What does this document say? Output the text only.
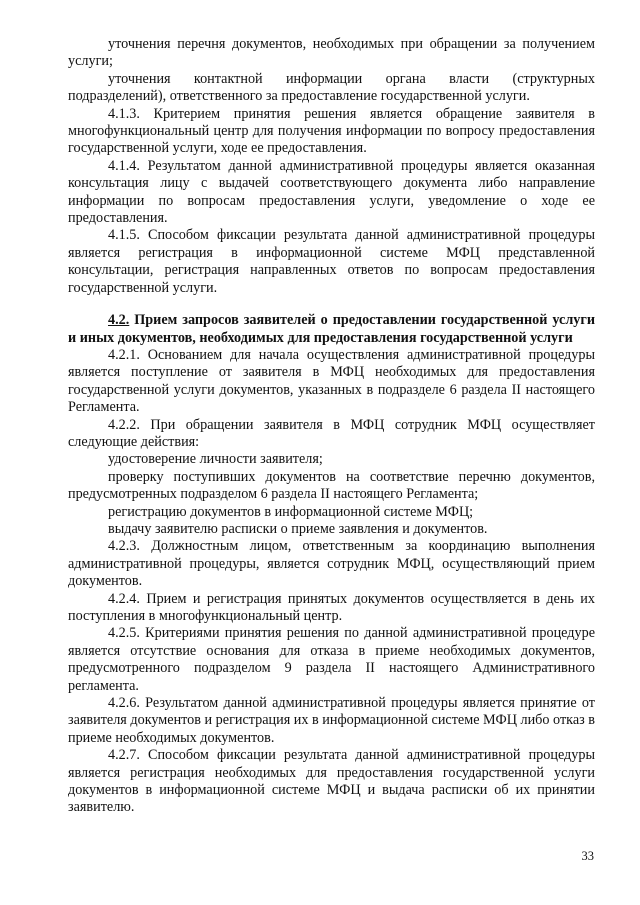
уточнения перечня документов, необходимых при обращении за получением услуги;

уточнения контактной информации органа власти (структурных подразделений), ответственного за предоставление государственной услуги.

4.1.3. Критерием принятия решения является обращение заявителя в многофункциональный центр для получения информации по вопросу предоставления государственной услуги, ходе ее предоставления.

4.1.4. Результатом данной административной процедуры является оказанная консультация лицу с выдачей соответствующего документа либо направление информации по вопросам предоставления услуги, уведомление о ходе ее предоставления.

4.1.5. Способом фиксации результата данной административной процедуры является регистрация в информационной системе МФЦ представленной консультации, регистрация направленных ответов по вопросам предоставления государственной услуги.

4.2. Прием запросов заявителей о предоставлении государственной услуги и иных документов, необходимых для предоставления государственной услуги

4.2.1. Основанием для начала осуществления административной процедуры является поступление от заявителя в МФЦ необходимых для предоставления государственной услуги документов, указанных в подразделе 6 раздела II настоящего Регламента.

4.2.2. При обращении заявителя в МФЦ сотрудник МФЦ осуществляет следующие действия:

удостоверение личности заявителя;

проверку поступивших документов на соответствие перечню документов, предусмотренных подразделом 6 раздела II настоящего Регламента;

регистрацию документов в информационной системе МФЦ;

выдачу заявителю расписки о приеме заявления и документов.

4.2.3. Должностным лицом, ответственным за координацию выполнения административной процедуры, является сотрудник МФЦ, осуществляющий прием документов.

4.2.4. Прием и регистрация принятых документов осуществляется в день их поступления в многофункциональный центр.

4.2.5. Критериями принятия решения по данной административной процедуре является отсутствие основания для отказа в приеме необходимых документов, предусмотренного подразделом 9 раздела II настоящего Административного регламента.

4.2.6. Результатом данной административной процедуры является принятие от заявителя документов и регистрация их в информационной системе МФЦ либо отказ в приеме необходимых документов.

4.2.7. Способом фиксации результата данной административной процедуры является регистрация необходимых для предоставления государственной услуги документов в информационной системе МФЦ и выдача расписки об их принятии заявителю.

33
